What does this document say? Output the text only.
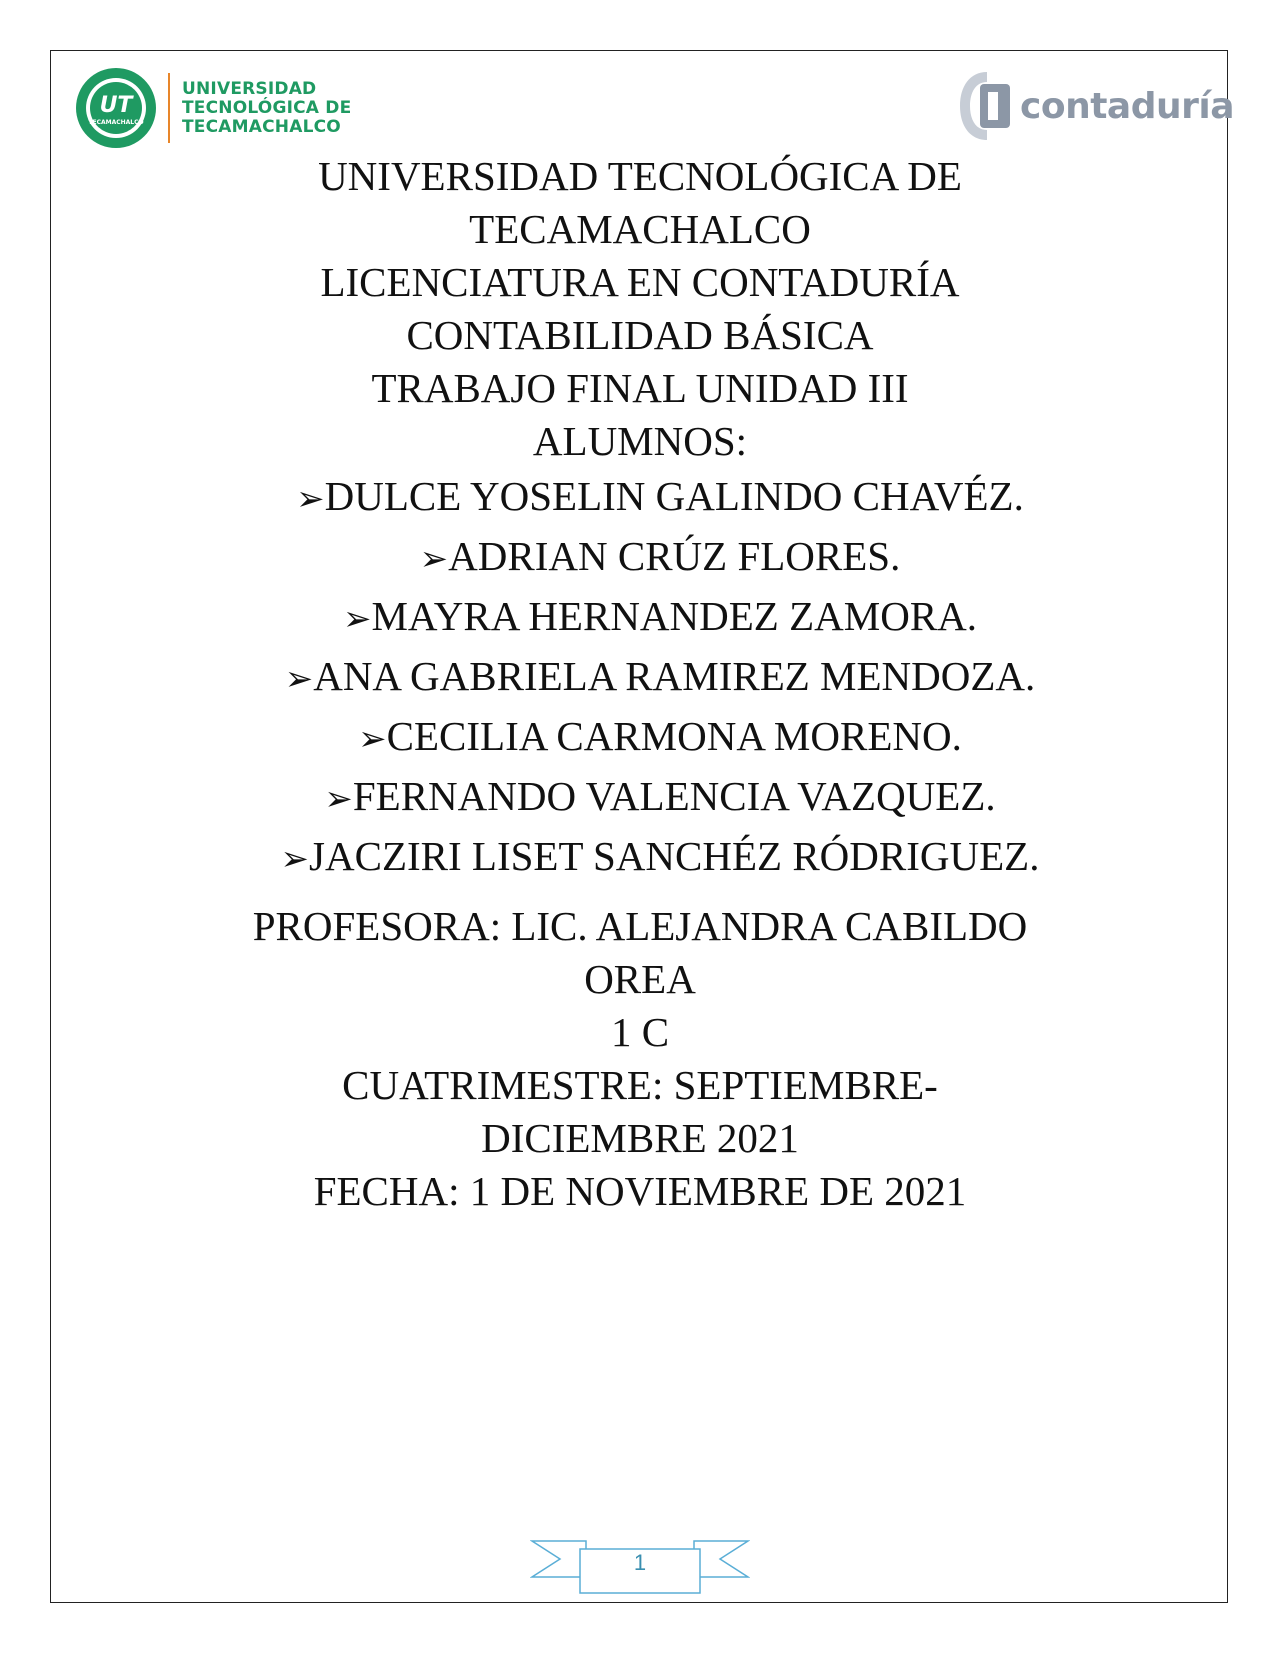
UT
TECAMACHALCO
UNIVERSIDAD
TECNOLÓGICA DE
TECAMACHALCO	contaduría
UNIVERSIDAD TECNOLÓGICA DE
TECAMACHALCO
LICENCIATURA EN CONTADURÍA
CONTABILIDAD BÁSICA
TRABAJO FINAL UNIDAD III
ALUMNOS:
➢DULCE YOSELIN GALINDO CHAVÉZ.
➢ADRIAN CRÚZ FLORES.
➢MAYRA HERNANDEZ ZAMORA.
➢ANA GABRIELA RAMIREZ MENDOZA.
➢CECILIA CARMONA MORENO.
➢FERNANDO VALENCIA VAZQUEZ.
➢JACZIRI LISET SANCHÉZ RÓDRIGUEZ.
PROFESORA: LIC. ALEJANDRA CABILDO
OREA
1 C
CUATRIMESTRE: SEPTIEMBRE-
DICIEMBRE 2021
FECHA: 1 DE NOVIEMBRE DE 2021
1
